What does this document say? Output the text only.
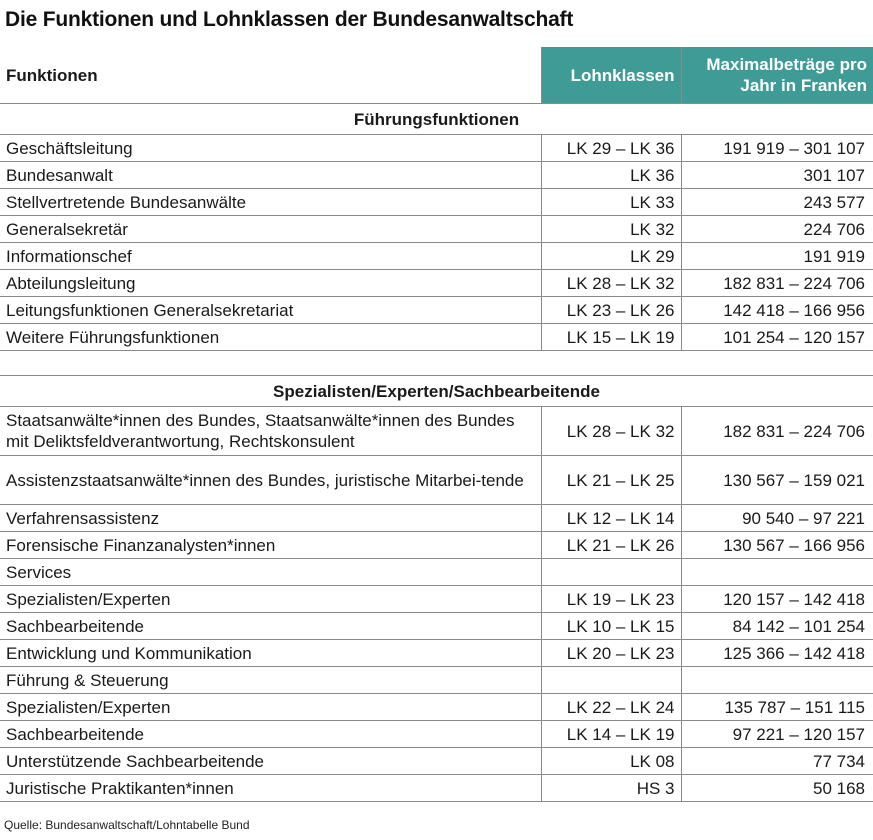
Die Funktionen und Lohnklassen der Bundesanwaltschaft
Funktionen	Lohnklassen	Maximalbeträge pro
Jahr in Franken

Führungsfunktionen		
Geschäftsleitung	LK 29 – LK 36	191 919 – 301 107
Bundesanwalt	LK 36	301 107
Stellvertretende Bundesanwälte	LK 33	243 577
Generalsekretär	LK 32	224 706
Informationschef	LK 29	191 919
Abteilungsleitung	LK 28 – LK 32	182 831 – 224 706
Leitungsfunktionen Generalsekretariat	LK 23 – LK 26	142 418 – 166 956
Weitere Führungsfunktionen	LK 15 – LK 19	101 254 – 120 157

Spezialisten/Experten/Sachbearbeitende		
Staatsanwälte*innen des Bundes, Staatsanwälte*innen des Bundes mit Deliktsfeldverantwortung, Rechtskonsulent	LK 28 – LK 32	182 831 – 224 706
Assistenzstaatsanwälte*innen des Bundes, juristische Mitarbei-tende	LK 21 – LK 25	130 567 – 159 021
Verfahrensassistenz	LK 12 – LK 14	90 540 – 97 221
Forensische Finanzanalysten*innen	LK 21 – LK 26	130 567 – 166 956
Services		
Spezialisten/Experten	LK 19 – LK 23	120 157 – 142 418
Sachbearbeitende	LK 10 – LK 15	84 142 – 101 254
Entwicklung und Kommunikation	LK 20 – LK 23	125 366 – 142 418
Führung & Steuerung		
Spezialisten/Experten	LK 22 – LK 24	135 787 – 151 115
Sachbearbeitende	LK 14 – LK 19	97 221 – 120 157
Unterstützende Sachbearbeitende	LK 08	77 734
Juristische Praktikanten*innen	HS 3	50 168
Quelle: Bundesanwaltschaft/Lohntabelle Bund
